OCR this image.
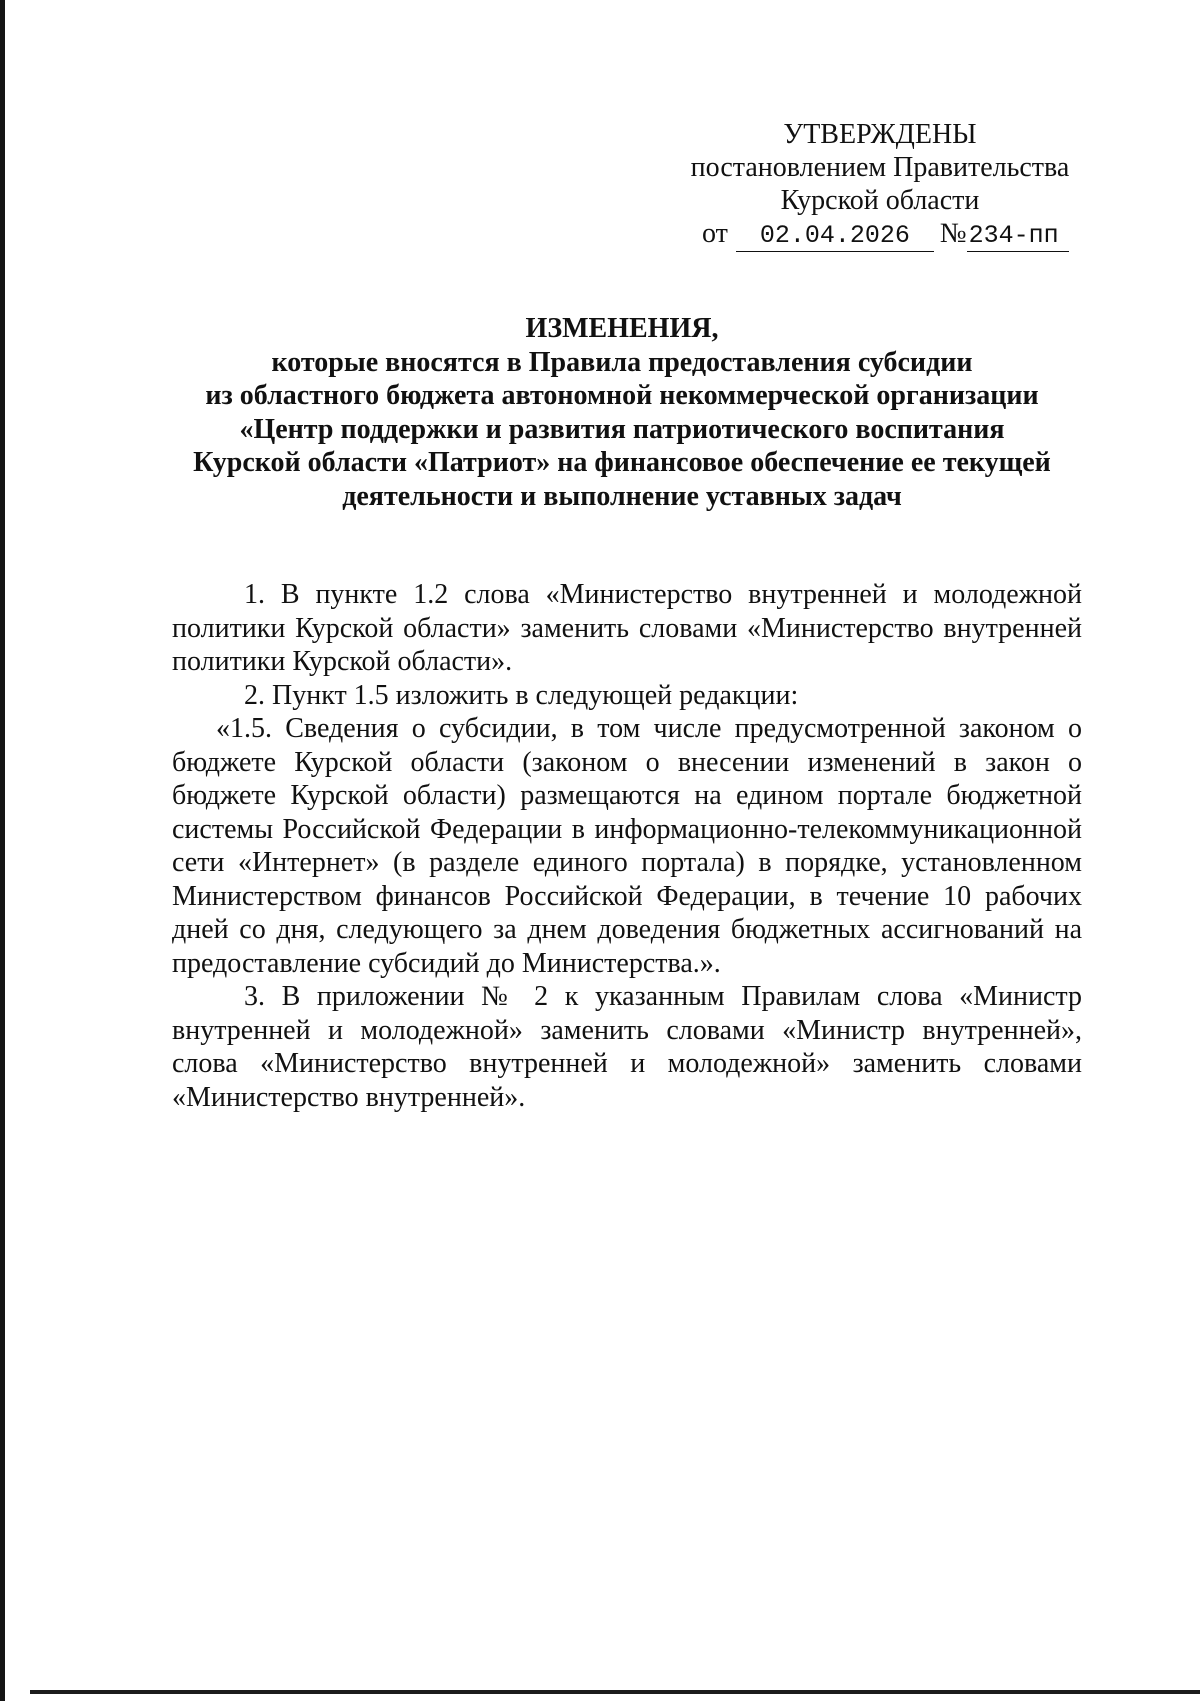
УТВЕРЖДЕНЫ
постановлением Правительства
Курской области
от 02.04.2026 №234-пп
ИЗМЕНЕНИЯ,
которые вносятся в Правила предоставления субсидии
из областного бюджета автономной некоммерческой организации
«Центр поддержки и развития патриотического воспитания
Курской области «Патриот» на финансовое обеспечение ее текущей
деятельности и выполнение уставных задач

1. В пункте 1.2 слова «Министерство внутренней и молодежной политики Курской области» заменить словами «Министерство внутренней политики Курской области».

2. Пункт 1.5 изложить в следующей редакции:

«1.5. Сведения о субсидии, в том числе предусмотренной законом о бюджете Курской области (законом о внесении изменений в закон о бюджете Курской области) размещаются на едином портале бюджетной системы Российской Федерации в информационно-телекоммуникационной сети «Интернет» (в разделе единого портала) в порядке, установленном Министерством финансов Российской Федерации, в течение 10 рабочих дней со дня, следующего за днем доведения бюджетных ассигнований на предоставление субсидий до Министерства.».

3. В приложении № 2 к указанным Правилам слова «Министр внутренней и молодежной» заменить словами «Министр внутренней», слова «Министерство внутренней и молодежной» заменить словами «Министерство внутренней».
